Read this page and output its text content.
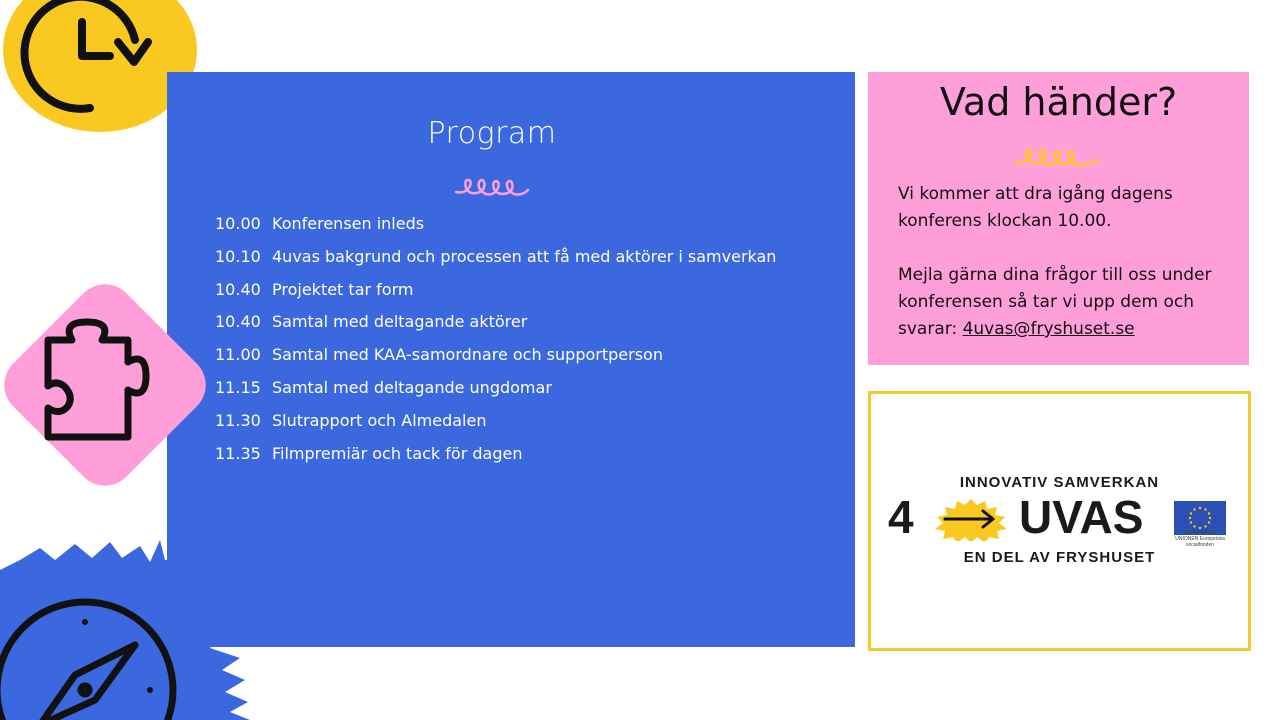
Program
10.00 Konferensen inleds
10.10 4uvas bakgrund och processen att få med aktörer i samverkan
10.40 Projektet tar form
10.40 Samtal med deltagande aktörer
11.00 Samtal med KAA-samordnare och supportperson
11.15 Samtal med deltagande ungdomar
11.30 Slutrapport och Almedalen
11.35 Filmpremiär och tack för dagen
Vad händer?
Vi kommer att dra igång dagens konferens klockan 10.00.
Mejla gärna dina frågor till oss under konferensen så tar vi upp dem och svarar: 4uvas@fryshuset.se
INNOVATIV SAMVERKAN
4 UVAS	EUROPEISKA UNIONEN Europeiska socialfonden
EN DEL AV FRYSHUSET
